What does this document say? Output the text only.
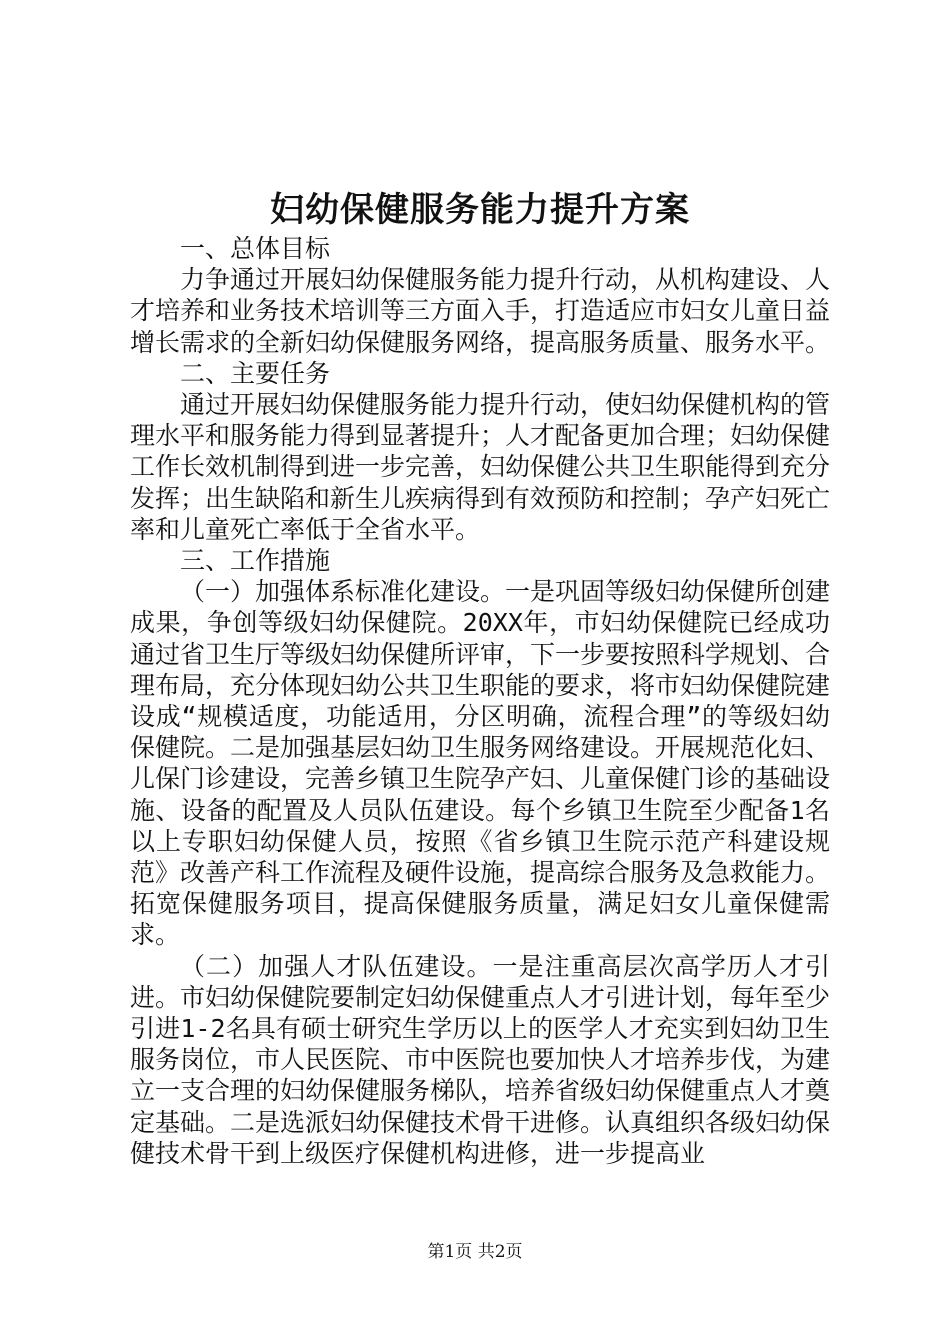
妇幼保健服务能力提升方案

一、总体目标

力争通过开展妇幼保健服务能力提升行动，从机构建设、人才培养和业务技术培训等三方面入手，打造适应市妇女儿童日益增长需求的全新妇幼保健服务网络，提高服务质量、服务水平。

二、主要任务

通过开展妇幼保健服务能力提升行动，使妇幼保健机构的管理水平和服务能力得到显著提升；人才配备更加合理；妇幼保健工作长效机制得到进一步完善，妇幼保健公共卫生职能得到充分发挥；出生缺陷和新生儿疾病得到有效预防和控制；孕产妇死亡率和儿童死亡率低于全省水平。

三、工作措施

（一）加强体系标准化建设。一是巩固等级妇幼保健所创建成果，争创等级妇幼保健院。20XX年，市妇幼保健院已经成功通过省卫生厅等级妇幼保健所评审，下一步要按照科学规划、合理布局，充分体现妇幼公共卫生职能的要求，将市妇幼保健院建设成“规模适度，功能适用，分区明确，流程合理”的等级妇幼保健院。二是加强基层妇幼卫生服务网络建设。开展规范化妇、儿保门诊建设，完善乡镇卫生院孕产妇、儿童保健门诊的基础设施、设备的配置及人员队伍建设。每个乡镇卫生院至少配备1名以上专职妇幼保健人员，按照《省乡镇卫生院示范产科建设规范》改善产科工作流程及硬件设施，提高综合服务及急救能力。拓宽保健服务项目，提高保健服务质量，满足妇女儿童保健需求。

（二）加强人才队伍建设。一是注重高层次高学历人才引进。市妇幼保健院要制定妇幼保健重点人才引进计划，每年至少引进1-2名具有硕士研究生学历以上的医学人才充实到妇幼卫生服务岗位，市人民医院、市中医院也要加快人才培养步伐，为建立一支合理的妇幼保健服务梯队，培养省级妇幼保健重点人才奠定基础。二是选派妇幼保健技术骨干进修。认真组织各级妇幼保健技术骨干到上级医疗保健机构进修，进一步提高业

第1页 共2页
